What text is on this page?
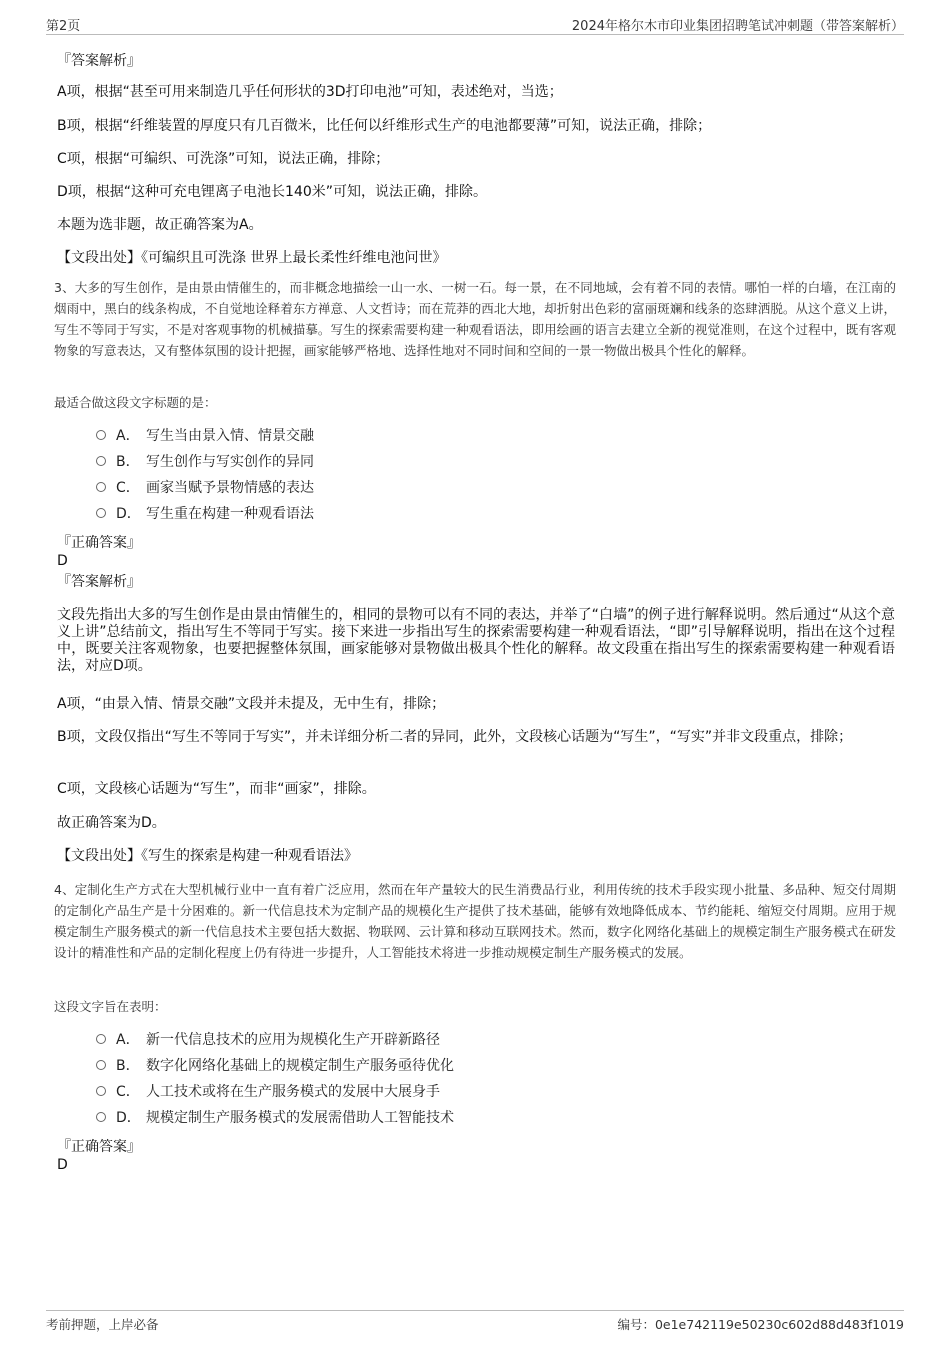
第2页	2024年格尔木市印业集团招聘笔试冲刺题（带答案解析）
『答案解析』
A项，根据“甚至可用来制造几乎任何形状的3D打印电池”可知，表述绝对，当选；
B项，根据“纤维装置的厚度只有几百微米，比任何以纤维形式生产的电池都要薄”可知，说法正确，排除；
C项，根据“可编织、可洗涤”可知，说法正确，排除；
D项，根据“这种可充电锂离子电池长140米”可知，说法正确，排除。
本题为选非题，故正确答案为A。
【文段出处】《可编织且可洗涤 世界上最长柔性纤维电池问世》
3、大多的写生创作，是由景由情催生的，而非概念地描绘一山一水、一树一石。每一景，在不同地域，会有着不同的表情。哪怕一样的白墙，在江南的烟雨中，黑白的线条构成，不自觉地诠释着东方禅意、人文哲诗；而在荒莽的西北大地，却折射出色彩的富丽斑斓和线条的恣肆洒脱。从这个意义上讲，写生不等同于写实，不是对客观事物的机械描摹。写生的探索需要构建一种观看语法，即用绘画的语言去建立全新的视觉准则，在这个过程中，既有客观物象的写意表达，又有整体氛围的设计把握，画家能够严格地、选择性地对不同时间和空间的一景一物做出极具个性化的解释。
最适合做这段文字标题的是：
A． 写生当由景入情、情景交融
B． 写生创作与写实创作的异同
C． 画家当赋予景物情感的表达
D． 写生重在构建一种观看语法
『正确答案』
D
『答案解析』
文段先指出大多的写生创作是由景由情催生的，相同的景物可以有不同的表达，并举了“白墙”的例子进行解释说明。然后通过“从这个意义上讲”总结前文，指出写生不等同于写实。接下来进一步指出写生的探索需要构建一种观看语法，“即”引导解释说明，指出在这个过程中，既要关注客观物象，也要把握整体氛围，画家能够对景物做出极具个性化的解释。故文段重在指出写生的探索需要构建一种观看语法，对应D项。
A项，“由景入情、情景交融”文段并未提及，无中生有，排除；
B项，文段仅指出“写生不等同于写实”，并未详细分析二者的异同，此外，文段核心话题为“写生”，“写实”并非文段重点，排除；
C项，文段核心话题为“写生”，而非“画家”，排除。
故正确答案为D。
【文段出处】《写生的探索是构建一种观看语法》
4、定制化生产方式在大型机械行业中一直有着广泛应用，然而在年产量较大的民生消费品行业，利用传统的技术手段实现小批量、多品种、短交付周期的定制化产品生产是十分困难的。新一代信息技术为定制产品的规模化生产提供了技术基础，能够有效地降低成本、节约能耗、缩短交付周期。应用于规模定制生产服务模式的新一代信息技术主要包括大数据、物联网、云计算和移动互联网技术。然而，数字化网络化基础上的规模定制生产服务模式在研发设计的精准性和产品的定制化程度上仍有待进一步提升，人工智能技术将进一步推动规模定制生产服务模式的发展。
这段文字旨在表明：
A． 新一代信息技术的应用为规模化生产开辟新路径
B． 数字化网络化基础上的规模定制生产服务亟待优化
C． 人工技术或将在生产服务模式的发展中大展身手
D． 规模定制生产服务模式的发展需借助人工智能技术
『正确答案』
D
考前押题，上岸必备	编号：0e1e742119e50230c602d88d483f1019
